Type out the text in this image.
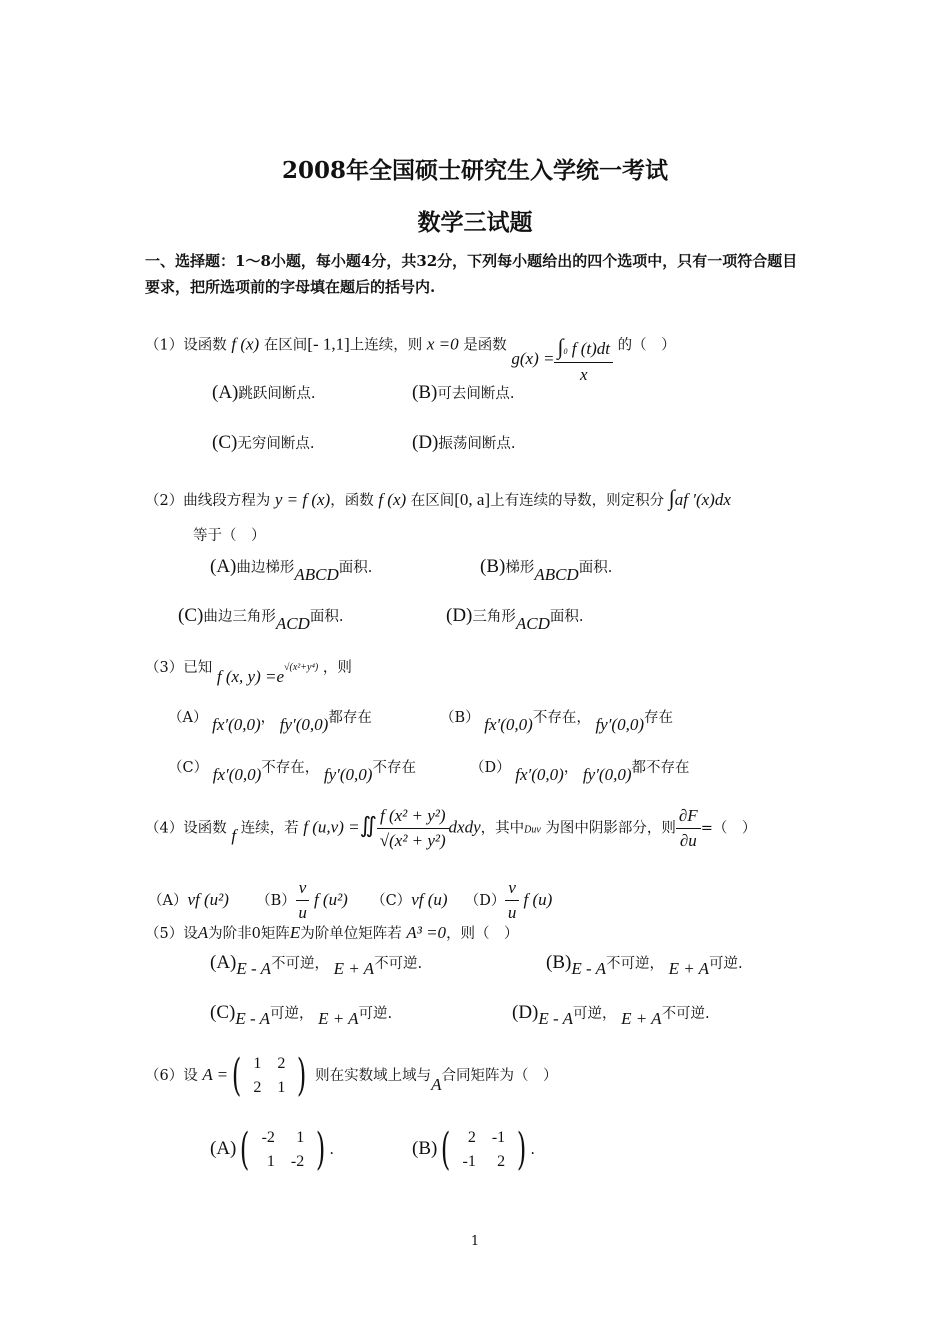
2008年全国硕士研究生入学统一考试
数学三试题
一、选择题：1～8小题，每小题4分，共32分，下列每小题给出的四个选项中，只有一项符合题目要求，把所选项前的字母填在题后的括号内.
（1）设函数 f (x) 在区间[- 1,1]上连续，则 x =0 是函数 $g(x) = \frac{\int 0 f (t)dt}{x}$ 的（　）
(A)跳跃间断点.	(B)可去间断点.
(C)无穷间断点.	(D)振荡间断点.
（2）曲线段方程为 y = f (x)，函数 f (x) 在区间[0, a]上有连续的导数，则定积分 ∫af ′(x)dx
等于（　）
(A)曲边梯形ABCD面积.	(B)梯形ABCD面积.
(C)曲边三角形ACD面积.	(D)三角形ACD面积.
（3）已知 f (x, $y) =e^{√(x^2+y^4)}$ ，则
（A） fx′(0,0)， fy′(0,0)都存在	（B） fx′(0,0)不存在， fy′(0,0)存在
（C） fx′(0,0)不存在， fy′(0,0)不存在	（D） fx′(0,0)， fy′(0,0)都不存在
（4）设函数 f 连续，若 f (u,v) =∬ $\frac{\text{f (x² + y²)}}{\text{√(x² + y²)}}$ dxdy，其中Duv 为图中阴影部分，则 $\frac{\partial F}{\partial u}$ =（　）
（A）vf (u²) $(B) \frac{v}{u}$ f (u²) （C）vf (u) $(D) \frac{v}{u}$ f (u)
（5）设A为阶非0矩阵E为阶单位矩阵若 A³ =0，则（　）
(A)E - A不可逆， E + A不可逆.	(B)E - A不可逆， E + A可逆.
(C)E - A可逆， E + A可逆.	(D)E - A可逆， E + A不可逆.
（6）设 A =( 1	2
2	1 ) 则在实数域上域与A合同矩阵为（　）
(A)( -2	1
1	-2 ) .	(B)( 2	-1
-1	2 ) .
1
